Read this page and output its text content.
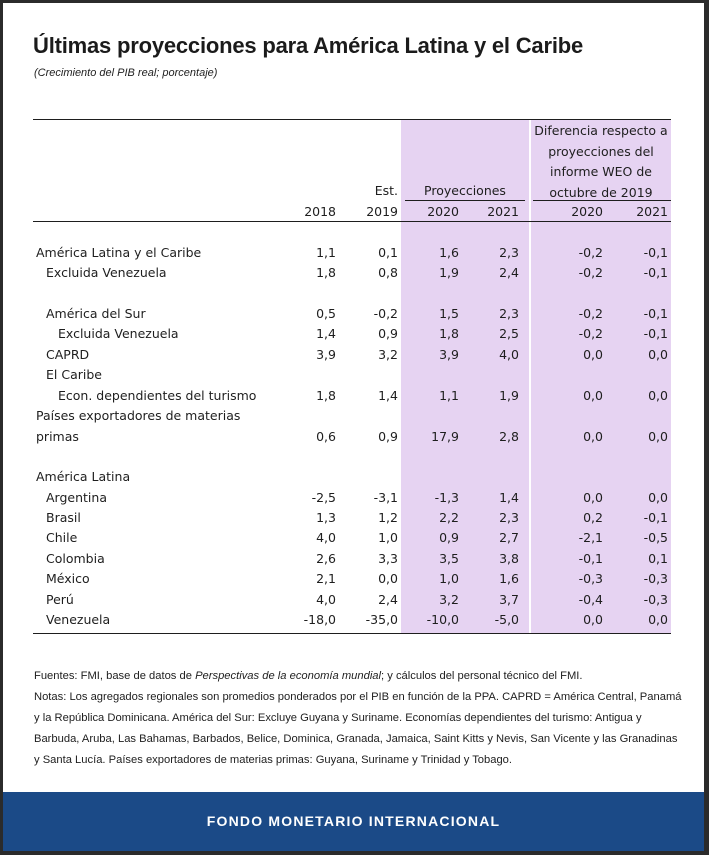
Últimas proyecciones para América Latina y el Caribe
(Crecimiento del PIB real; porcentaje)
Diferencia respecto a proyecciones del informe WEO de octubre de 2019
Est.	Proyecciones
2018	2019	2020	2021	2020	2021
América Latina y el Caribe	1,1	0,1	1,6	2,3	-0,2	-0,1
Excluida Venezuela	1,8	0,8	1,9	2,4	-0,2	-0,1
América del Sur	0,5	-0,2	1,5	2,3	-0,2	-0,1
Excluida Venezuela	1,4	0,9	1,8	2,5	-0,2	-0,1
CAPRD	3,9	3,2	3,9	4,0	0,0	0,0
El Caribe
Econ. dependientes del turismo	1,8	1,4	1,1	1,9	0,0	0,0
Países exportadores de materias
primas	0,6	0,9	17,9	2,8	0,0	0,0
América Latina
Argentina	-2,5	-3,1	-1,3	1,4	0,0	0,0
Brasil	1,3	1,2	2,2	2,3	0,2	-0,1
Chile	4,0	1,0	0,9	2,7	-2,1	-0,5
Colombia	2,6	3,3	3,5	3,8	-0,1	0,1
México	2,1	0,0	1,0	1,6	-0,3	-0,3
Perú	4,0	2,4	3,2	3,7	-0,4	-0,3
Venezuela	-18,0	-35,0	-10,0	-5,0	0,0	0,0

Fuentes: FMI, base de datos de Perspectivas de la economía mundial; y cálculos del personal técnico del FMI.

Notas: Los agregados regionales son promedios ponderados por el PIB en función de la PPA. CAPRD = América Central, Panamá y la República Dominicana. América del Sur: Excluye Guyana y Suriname. Economías dependientes del turismo: Antigua y Barbuda, Aruba, Las Bahamas, Barbados, Belice, Dominica, Granada, Jamaica, Saint Kitts y Nevis, San Vicente y las Granadinas y Santa Lucía. Países exportadores de materias primas: Guyana, Suriname y Trinidad y Tobago.

FONDO MONETARIO INTERNACIONAL
